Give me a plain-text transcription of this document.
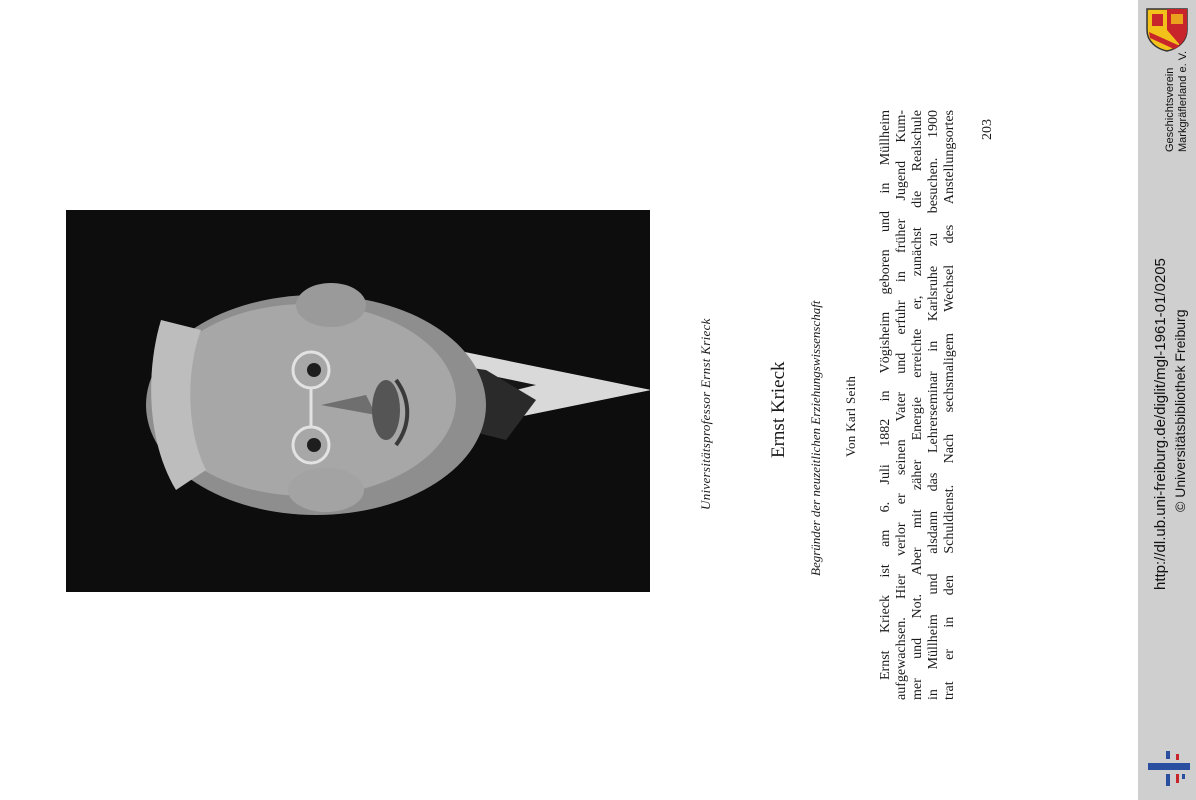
Universitätsprofessor Ernst Krieck	Ernst Krieck Begründer der neuzeitlichen Erziehungswissenschaft Von Karl Seith Ernst Krieck ist am 6. Juli 1882 in Vögisheim geboren und in Müllheim aufgewachsen. Hier verlor er seinen Vater und erfuhr in früher Jugend Kum- mer und Not. Aber mit zäher Energie erreichte er, zunächst die Realschule in Müllheim und alsdann das Lehrerseminar in Karlsruhe zu besuchen. 1900 trat er in den Schuldienst. Nach sechsmaligem Wechsel des Anstellungsortes 203	Geschichtsverein Markgräflerland e. V.
http://dl.ub.uni-freiburg.de/diglit/mgl-1961-01/0205 © Universitätsbibliothek Freiburg
